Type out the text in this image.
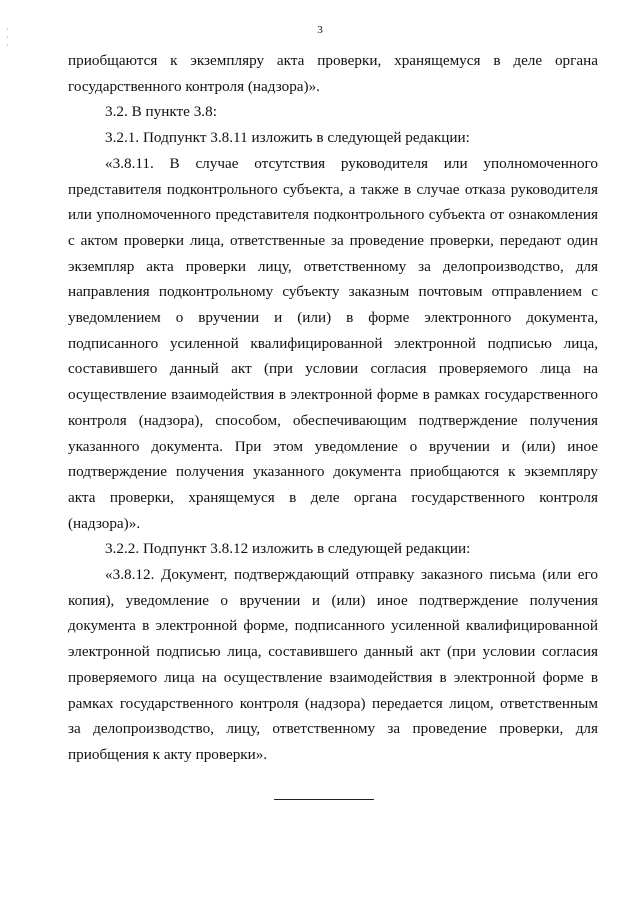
·
·
·
3

приобщаются к экземпляру акта проверки, хранящемуся в деле органа государственного контроля (надзора)».

3.2. В пункте 3.8:

3.2.1. Подпункт 3.8.11 изложить в следующей редакции:

«3.8.11. В случае отсутствия руководителя или уполномоченного представителя подконтрольного субъекта, а также в случае отказа руководителя или уполномоченного представителя подконтрольного субъекта от ознакомления с актом проверки лица, ответственные за проведение проверки, передают один экземпляр акта проверки лицу, ответственному за делопроизводство, для направления подконтрольному субъекту заказным почтовым отправлением с уведомлением о вручении и (или) в форме электронного документа, подписанного усиленной квалифицированной электронной подписью лица, составившего данный акт (при условии согласия проверяемого лица на осуществление взаимодействия в электронной форме в рамках государственного контроля (надзора), способом, обеспечивающим подтверждение получения указанного документа. При этом уведомление о вручении и (или) иное подтверждение получения указанного документа приобщаются к экземпляру акта проверки, хранящемуся в деле органа государственного контроля (надзора)».

3.2.2. Подпункт 3.8.12 изложить в следующей редакции:

«3.8.12. Документ, подтверждающий отправку заказного письма (или его копия), уведомление о вручении и (или) иное подтверждение получения документа в электронной форме, подписанного усиленной квалифицированной электронной подписью лица, составившего данный акт (при условии согласия проверяемого лица на осуществление взаимодействия в электронной форме в рамках государственного контроля (надзора) передается лицом, ответственным за делопроизводство, лицу, ответственному за проведение проверки, для приобщения к акту проверки».
